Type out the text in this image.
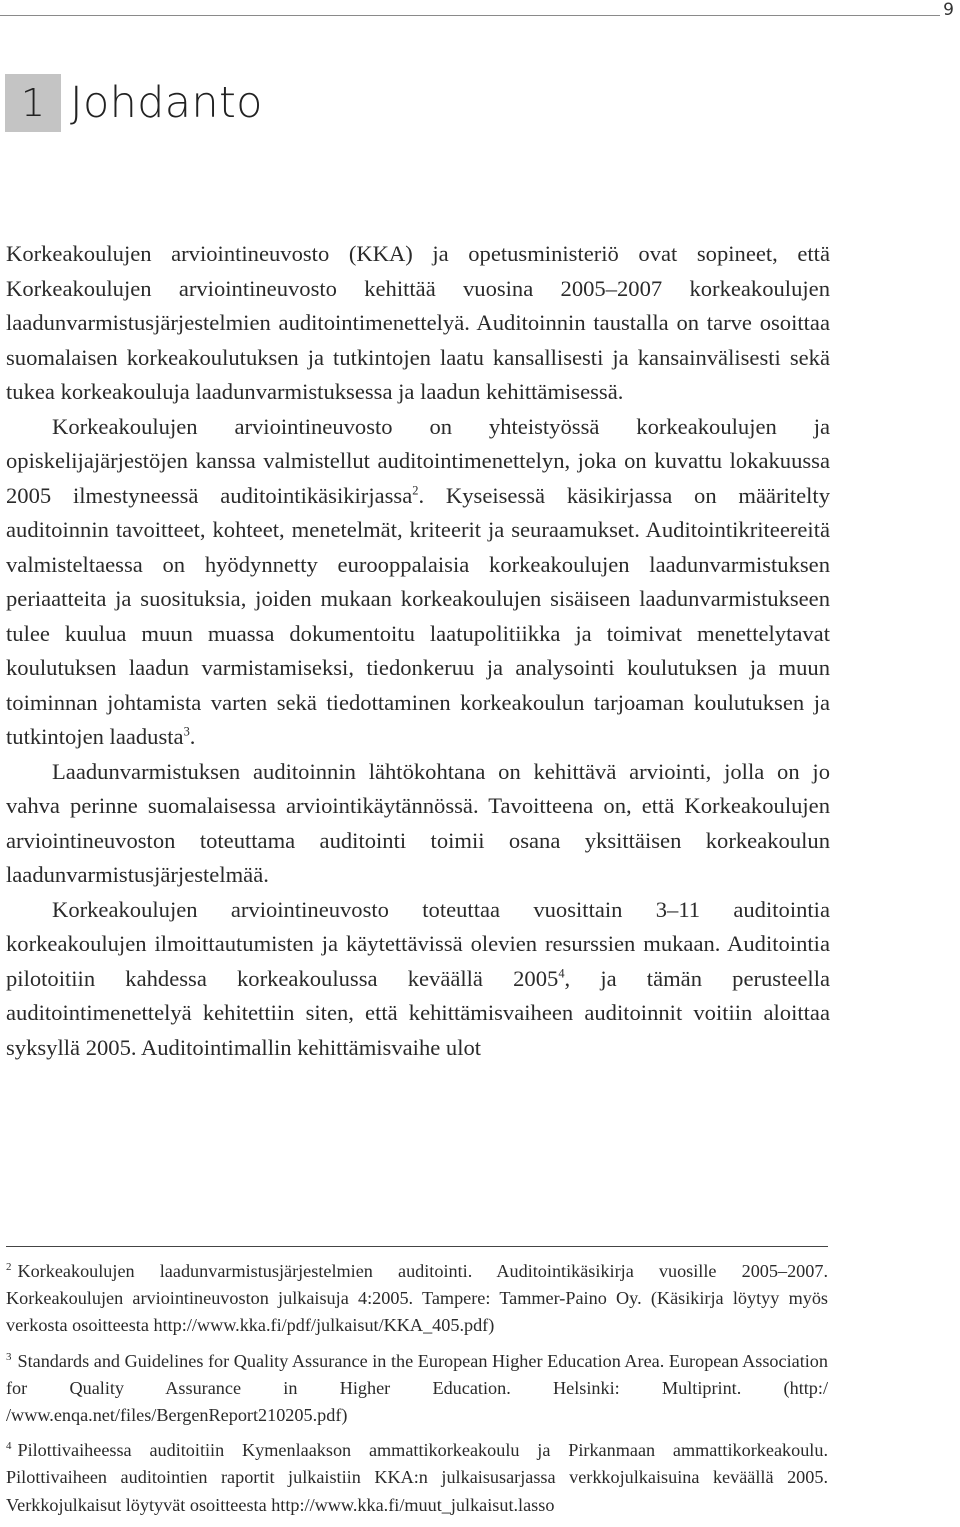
9
1 Johdanto

Korkeakoulujen arviointineuvosto (KKA) ja opetusministeriö ovat sopineet, että Korkeakoulujen arviointineuvosto kehittää vuosina 2005–2007 korkeakoulujen laadunvarmistusjärjestelmien auditointimenettelyä. Auditoinnin taustalla on tarve osoittaa suomalaisen korkeakoulutuksen ja tutkintojen laatu kansallisesti ja kansainvälisesti sekä tukea korkeakouluja laadunvarmistuksessa ja laadun kehittämisessä.

Korkeakoulujen arviointineuvosto on yhteistyössä korkeakoulujen ja opiskelijajärjestöjen kanssa valmistellut auditointimenettelyn, joka on kuvattu lokakuussa 2005 ilmestyneessä auditointikäsikirjassa$^2$. Kyseisessä käsikirjassa on määritelty auditoinnin tavoitteet, kohteet, menetelmät, kriteerit ja seuraamukset. Auditointikriteereitä valmisteltaessa on hyödynnetty eurooppalaisia korkeakoulujen laadunvarmistuksen periaatteita ja suosituksia, joiden mukaan korkeakoulujen sisäiseen laadunvarmistukseen tulee kuulua muun muassa dokumentoitu laatupolitiikka ja toimivat menettelytavat koulutuksen laadun varmistamiseksi, tiedonkeruu ja analysointi koulutuksen ja muun toiminnan johtamista varten sekä tiedottaminen korkeakoulun tarjoaman koulutuksen ja tutkintojen laadusta$^3$.

Laadunvarmistuksen auditoinnin lähtökohtana on kehittävä arviointi, jolla on jo vahva perinne suomalaisessa arviointikäytännössä. Tavoitteena on, että Korkeakoulujen arviointineuvoston toteuttama auditointi toimii osana yksittäisen korkeakoulun laadunvarmistusjärjestelmää.

Korkeakoulujen arviointineuvosto toteuttaa vuosittain 3–11 auditointia korkeakoulujen ilmoittautumisten ja käytettävissä olevien resurssien mukaan. Auditointia pilotoitiin kahdessa korkeakoulussa keväällä 2005$^4$, ja tämän perusteella auditointimenettelyä kehitettiin siten, että kehittämisvaiheen auditoinnit voitiin aloittaa syksyllä 2005. Auditointimallin kehittämisvaihe ulot

$^2$ Korkeakoulujen laadunvarmistusjärjestelmien auditointi. Auditointikäsikirja vuosille 2005–2007. Korkeakoulujen arviointineuvoston julkaisuja 4:2005. Tampere: Tammer-Paino Oy. (Käsikirja löytyy myös verkosta osoitteesta http://www.kka.fi/pdf/julkaisut/KKA_405.pdf)

$^3$ Standards and Guidelines for Quality Assurance in the European Higher Education Area. European Association for Quality Assurance in Higher Education. Helsinki: Multiprint. (http:/ /www.enqa.net/files/BergenReport210205.pdf)

$^4$ Pilottivaiheessa auditoitiin Kymenlaakson ammattikorkeakoulu ja Pirkanmaan ammattikorkeakoulu. Pilottivaiheen auditointien raportit julkaistiin KKA:n julkaisusarjassa verkkojulkaisuina keväällä 2005. Verkkojulkaisut löytyvät osoitteesta http://www.kka.fi/muut_julkaisut.lasso
